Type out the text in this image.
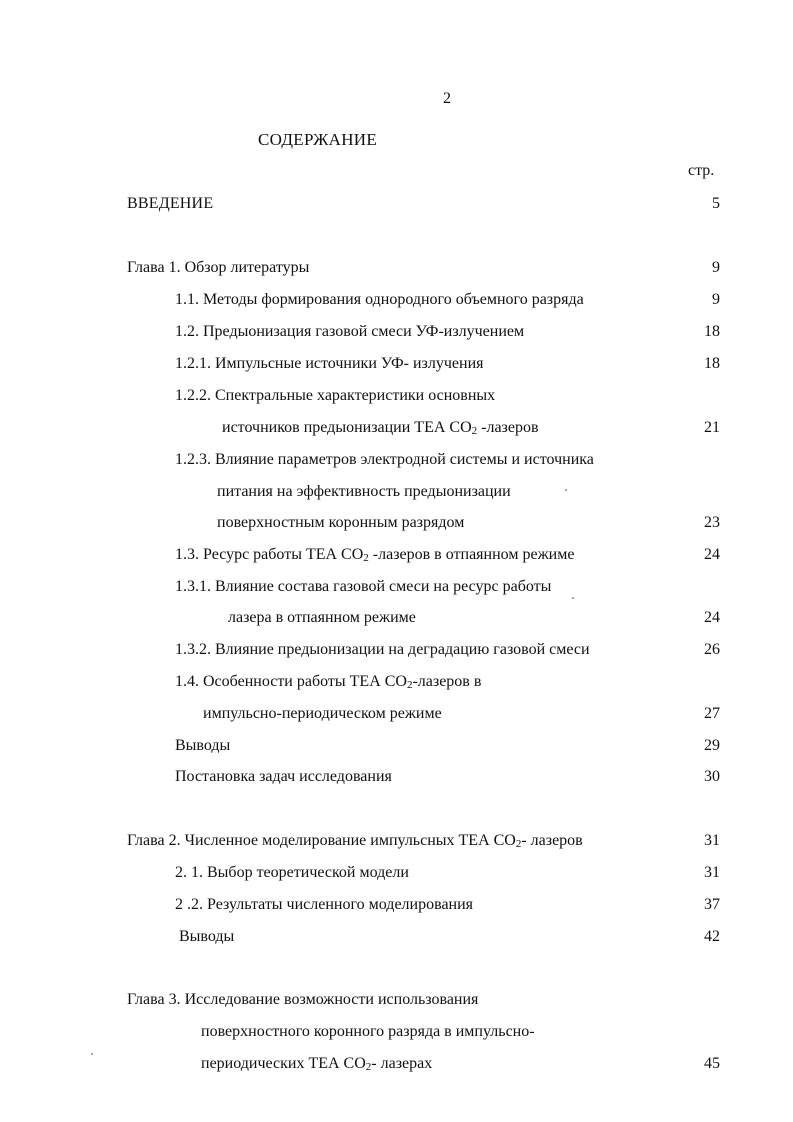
2
СОДЕРЖАНИЕ
стр.
ВВЕДЕНИЕ	5
Глава 1. Обзор литературы	9
1.1. Методы формирования однородного объемного разряда	9
1.2. Предыонизация газовой смеси УФ-излучением	18
1.2.1. Импульсные источники УФ- излучения	18
1.2.2. Спектральные характеристики основных
источников предыонизации ТЕА $СО_2$ -лазеров	21
1.2.3. Влияние параметров электродной системы и источника
питания на эффективность предыонизации
поверхностным коронным разрядом	23
1.3. Ресурс работы ТЕА $СО_2$ -лазеров в отпаянном режиме	24
1.3.1. Влияние состава газовой смеси на ресурс работы
лазера в отпаянном режиме	24
1.3.2. Влияние предыонизации на деградацию газовой смеси	26
1.4. Особенности работы ТЕА $СО_2$-лазеров в
импульсно-периодическом режиме	27
Выводы	29
Постановка задач исследования	30
Глава 2. Численное моделирование импульсных ТЕА $СО_2-$ лазеров	31
2. 1. Выбор теоретической модели	31
2 .2. Результаты численного моделирования	37
Выводы	42
Глава 3. Исследование возможности использования
поверхностного коронного разряда в импульсно-
периодических ТЕА $СО_2-$ лазерах	45
